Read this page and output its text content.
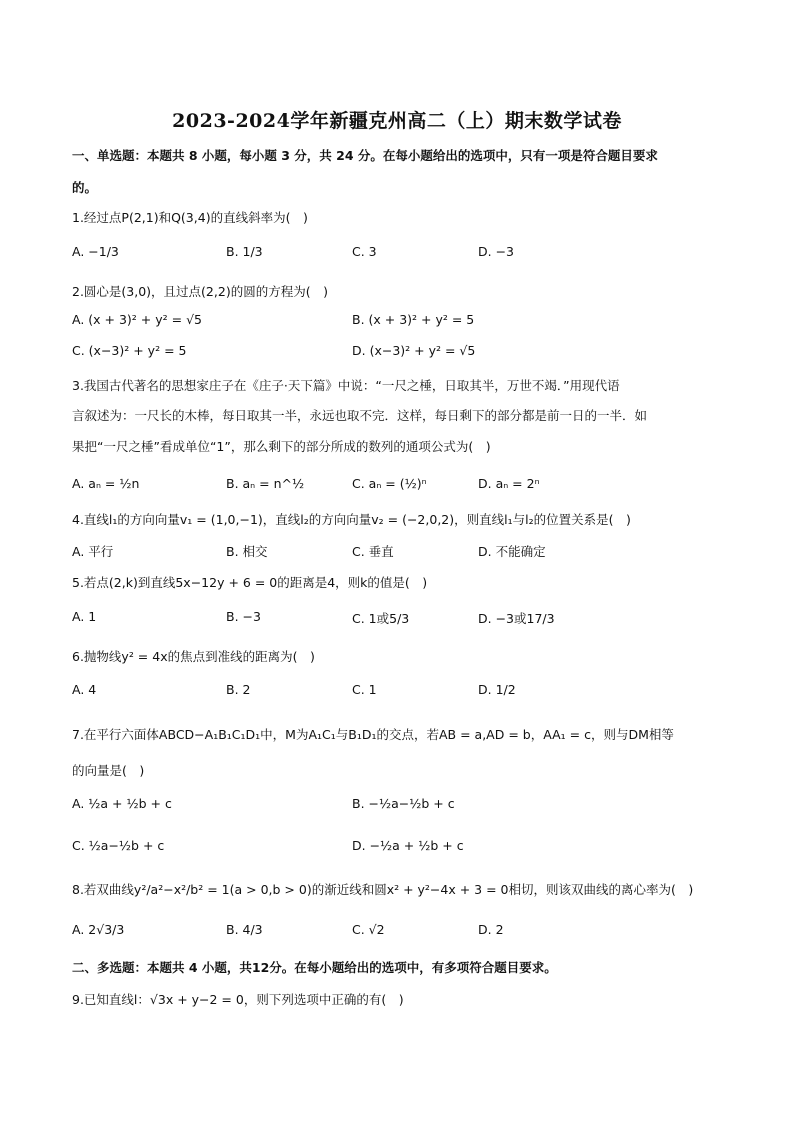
2023-2024学年新疆克州高二（上）期末数学试卷
一、单选题：本题共 8 小题，每小题 3 分，共 24 分。在每小题给出的选项中，只有一项是符合题目要求
的。
1.经过点P(2,1)和Q(3,4)的直线斜率为(　)
A. −1/3	B. 1/3	C. 3	D. −3
2.圆心是(3,0)，且过点(2,2)的圆的方程为(　)
A. (x + 3)² + y² = √5	B. (x + 3)² + y² = 5
C. (x−3)² + y² = 5	D. (x−3)² + y² = √5
3.我国古代著名的思想家庄子在《庄子·天下篇》中说：“一尺之棰，日取其半，万世不竭．”用现代语
言叙述为：一尺长的木棒，每日取其一半，永远也取不完．这样，每日剩下的部分都是前一日的一半．如
果把“一尺之棰”看成单位“1”，那么剩下的部分所成的数列的通项公式为(　)
A. aₙ = ½n	B. aₙ = n^½	C. aₙ = (½)ⁿ	D. aₙ = 2ⁿ
4.直线l₁的方向向量v₁ = (1,0,−1)，直线l₂的方向向量v₂ = (−2,0,2)，则直线l₁与l₂的位置关系是(　)
A. 平行	B. 相交	C. 垂直	D. 不能确定
5.若点(2,k)到直线5x−12y + 6 = 0的距离是4，则k的值是(　)
A. 1	B. −3	C. 1或5/3	D. −3或17/3
6.抛物线y² = 4x的焦点到准线的距离为(　)
A. 4	B. 2	C. 1	D. 1/2
7.在平行六面体ABCD−A₁B₁C₁D₁中，M为A₁C₁与B₁D₁的交点，若AB = a,AD = b，AA₁ = c，则与DM相等
的向量是(　)
A. ½a + ½b + c	B. −½a−½b + c
C. ½a−½b + c	D. −½a + ½b + c
8.若双曲线y²/a²−x²/b² = 1(a > 0,b > 0)的渐近线和圆x² + y²−4x + 3 = 0相切，则该双曲线的离心率为(　)
A. 2√3/3	B. 4/3	C. √2	D. 2
二、多选题：本题共 4 小题，共12分。在每小题给出的选项中，有多项符合题目要求。
9.已知直线l：√3x + y−2 = 0，则下列选项中正确的有(　)
